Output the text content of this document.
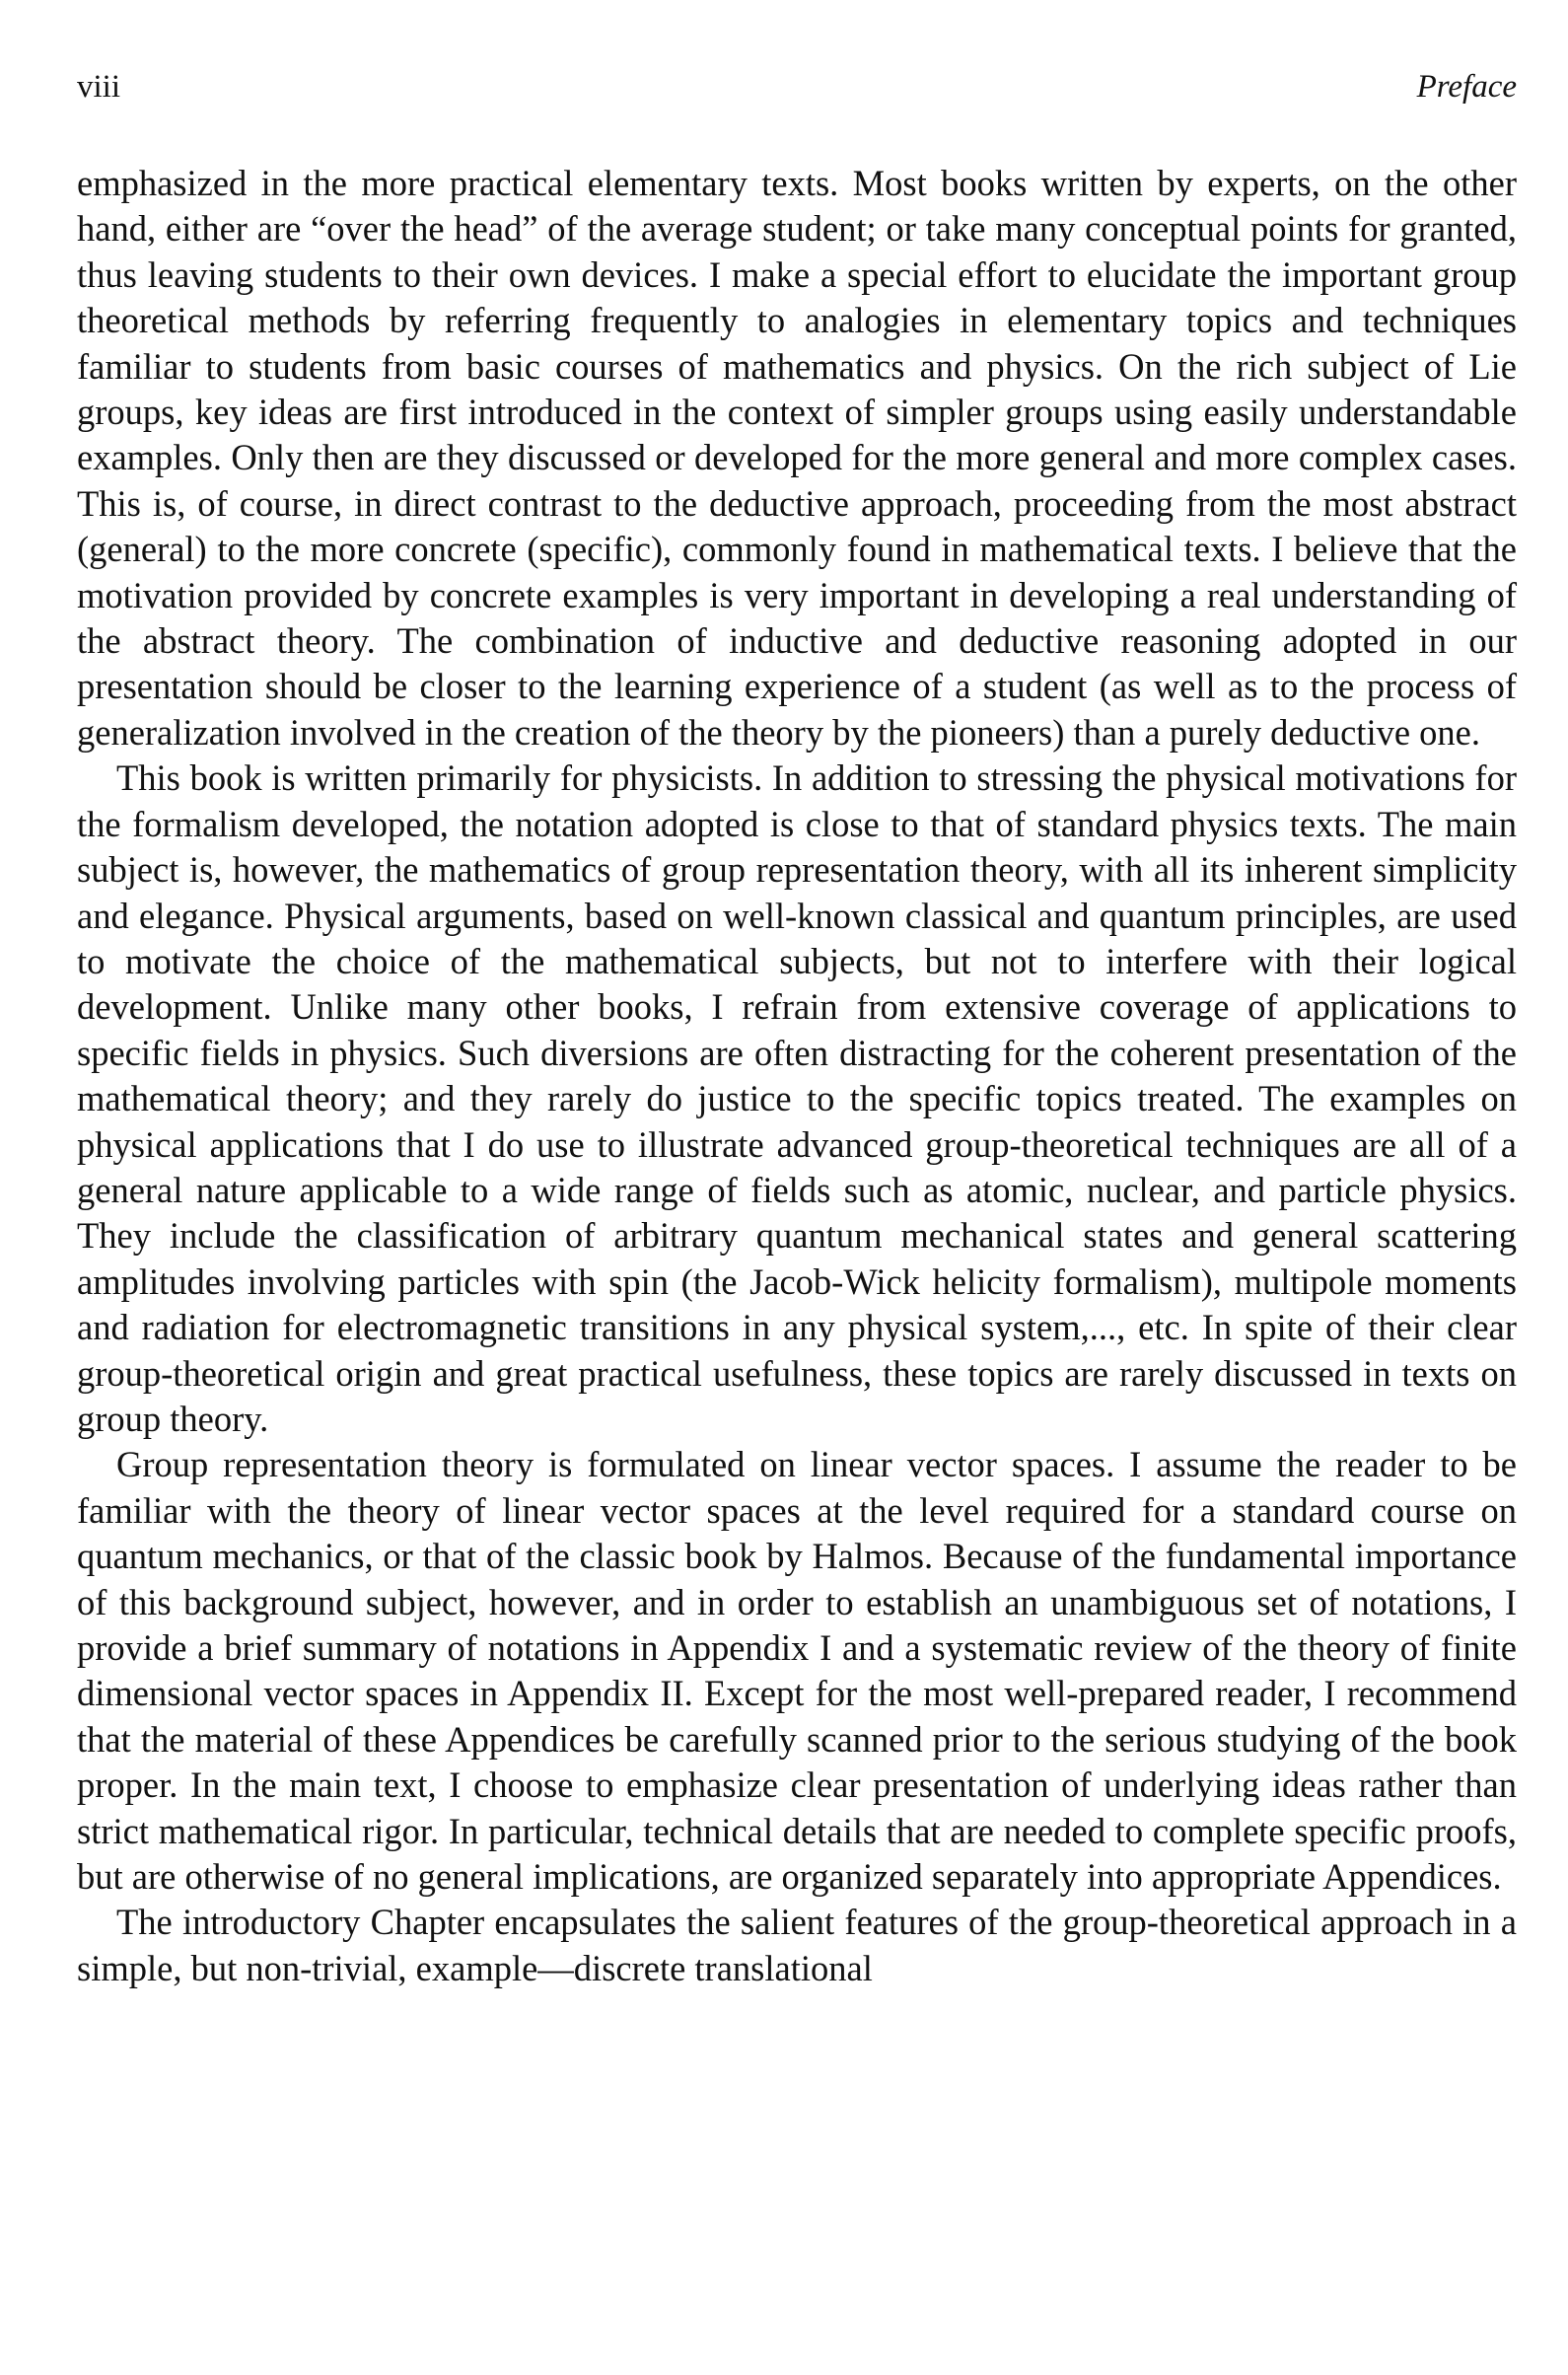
viii	Preface

emphasized in the more practical elementary texts. Most books written by experts, on the other hand, either are “over the head” of the average student; or take many conceptual points for granted, thus leaving students to their own devices. I make a special effort to elucidate the important group theoretical methods by referring frequently to analogies in elementary topics and techniques familiar to students from basic courses of mathematics and physics. On the rich subject of Lie groups, key ideas are first introduced in the context of simpler groups using easily understandable examples. Only then are they discussed or developed for the more general and more complex cases. This is, of course, in direct contrast to the deductive approach, proceeding from the most abstract (general) to the more concrete (specific), commonly found in mathematical texts. I believe that the motivation provided by concrete examples is very important in developing a real understanding of the abstract theory. The combination of inductive and deductive reasoning adopted in our presentation should be closer to the learning experience of a student (as well as to the process of generalization involved in the creation of the theory by the pioneers) than a purely deductive one.

This book is written primarily for physicists. In addition to stressing the physical motivations for the formalism developed, the notation adopted is close to that of standard physics texts. The main subject is, however, the mathematics of group representation theory, with all its inherent simplicity and elegance. Physical arguments, based on well-known classical and quantum principles, are used to motivate the choice of the mathematical subjects, but not to interfere with their logical development. Unlike many other books, I refrain from extensive coverage of applications to specific fields in physics. Such diversions are often distracting for the coherent presentation of the mathematical theory; and they rarely do justice to the specific topics treated. The examples on physical applications that I do use to illustrate advanced group-theoretical techniques are all of a general nature applicable to a wide range of fields such as atomic, nuclear, and particle physics. They include the classification of arbitrary quantum mechanical states and general scattering amplitudes involving particles with spin (the Jacob-Wick helicity formalism), multipole moments and radiation for electromagnetic transitions in any physical system,..., etc. In spite of their clear group-theoretical origin and great practical usefulness, these topics are rarely discussed in texts on group theory.

Group representation theory is formulated on linear vector spaces. I assume the reader to be familiar with the theory of linear vector spaces at the level required for a standard course on quantum mechanics, or that of the classic book by Halmos. Because of the fundamental importance of this background subject, however, and in order to establish an unambiguous set of notations, I provide a brief summary of notations in Appendix I and a systematic review of the theory of finite dimensional vector spaces in Appendix II. Except for the most well-prepared reader, I recommend that the material of these Appendices be carefully scanned prior to the serious studying of the book proper. In the main text, I choose to emphasize clear presentation of underlying ideas rather than strict mathematical rigor. In particular, technical details that are needed to complete specific proofs, but are otherwise of no general implications, are organized separately into appropriate Appendices.

The introductory Chapter encapsulates the salient features of the group-theoretical approach in a simple, but non-trivial, example—discrete translational
